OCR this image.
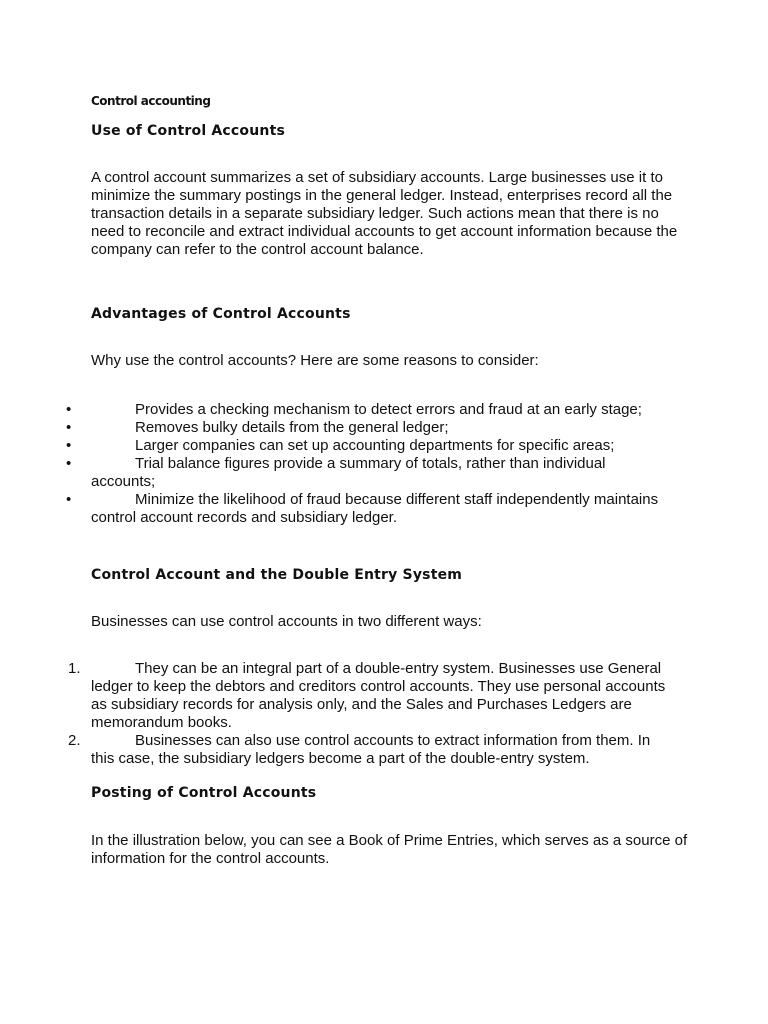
Control accounting
Use of Control Accounts

A control account summarizes a set of subsidiary accounts. Large businesses use it to minimize the summary postings in the general ledger. Instead, enterprises record all the transaction details in a separate subsidiary ledger. Such actions mean that there is no need to reconcile and extract individual accounts to get account information because the company can refer to the control account balance.

Advantages of Control Accounts

Why use the control accounts? Here are some reasons to consider:

•	Provides a checking mechanism to detect errors and fraud at an early stage;
•	Removes bulky details from the general ledger;
•	Larger companies can set up accounting departments for specific areas;
•	Trial balance figures provide a summary of totals, rather than individual accounts;
•	Minimize the likelihood of fraud because different staff independently maintains control account records and subsidiary ledger.
Control Account and the Double Entry System

Businesses can use control accounts in two different ways:

1.	They can be an integral part of a double-entry system. Businesses use General ledger to keep the debtors and creditors control accounts. They use personal accounts as subsidiary records for analysis only, and the Sales and Purchases Ledgers are memorandum books.
2.	Businesses can also use control accounts to extract information from them. In this case, the subsidiary ledgers become a part of the double-entry system.
Posting of Control Accounts

In the illustration below, you can see a Book of Prime Entries, which serves as a source of information for the control accounts.
